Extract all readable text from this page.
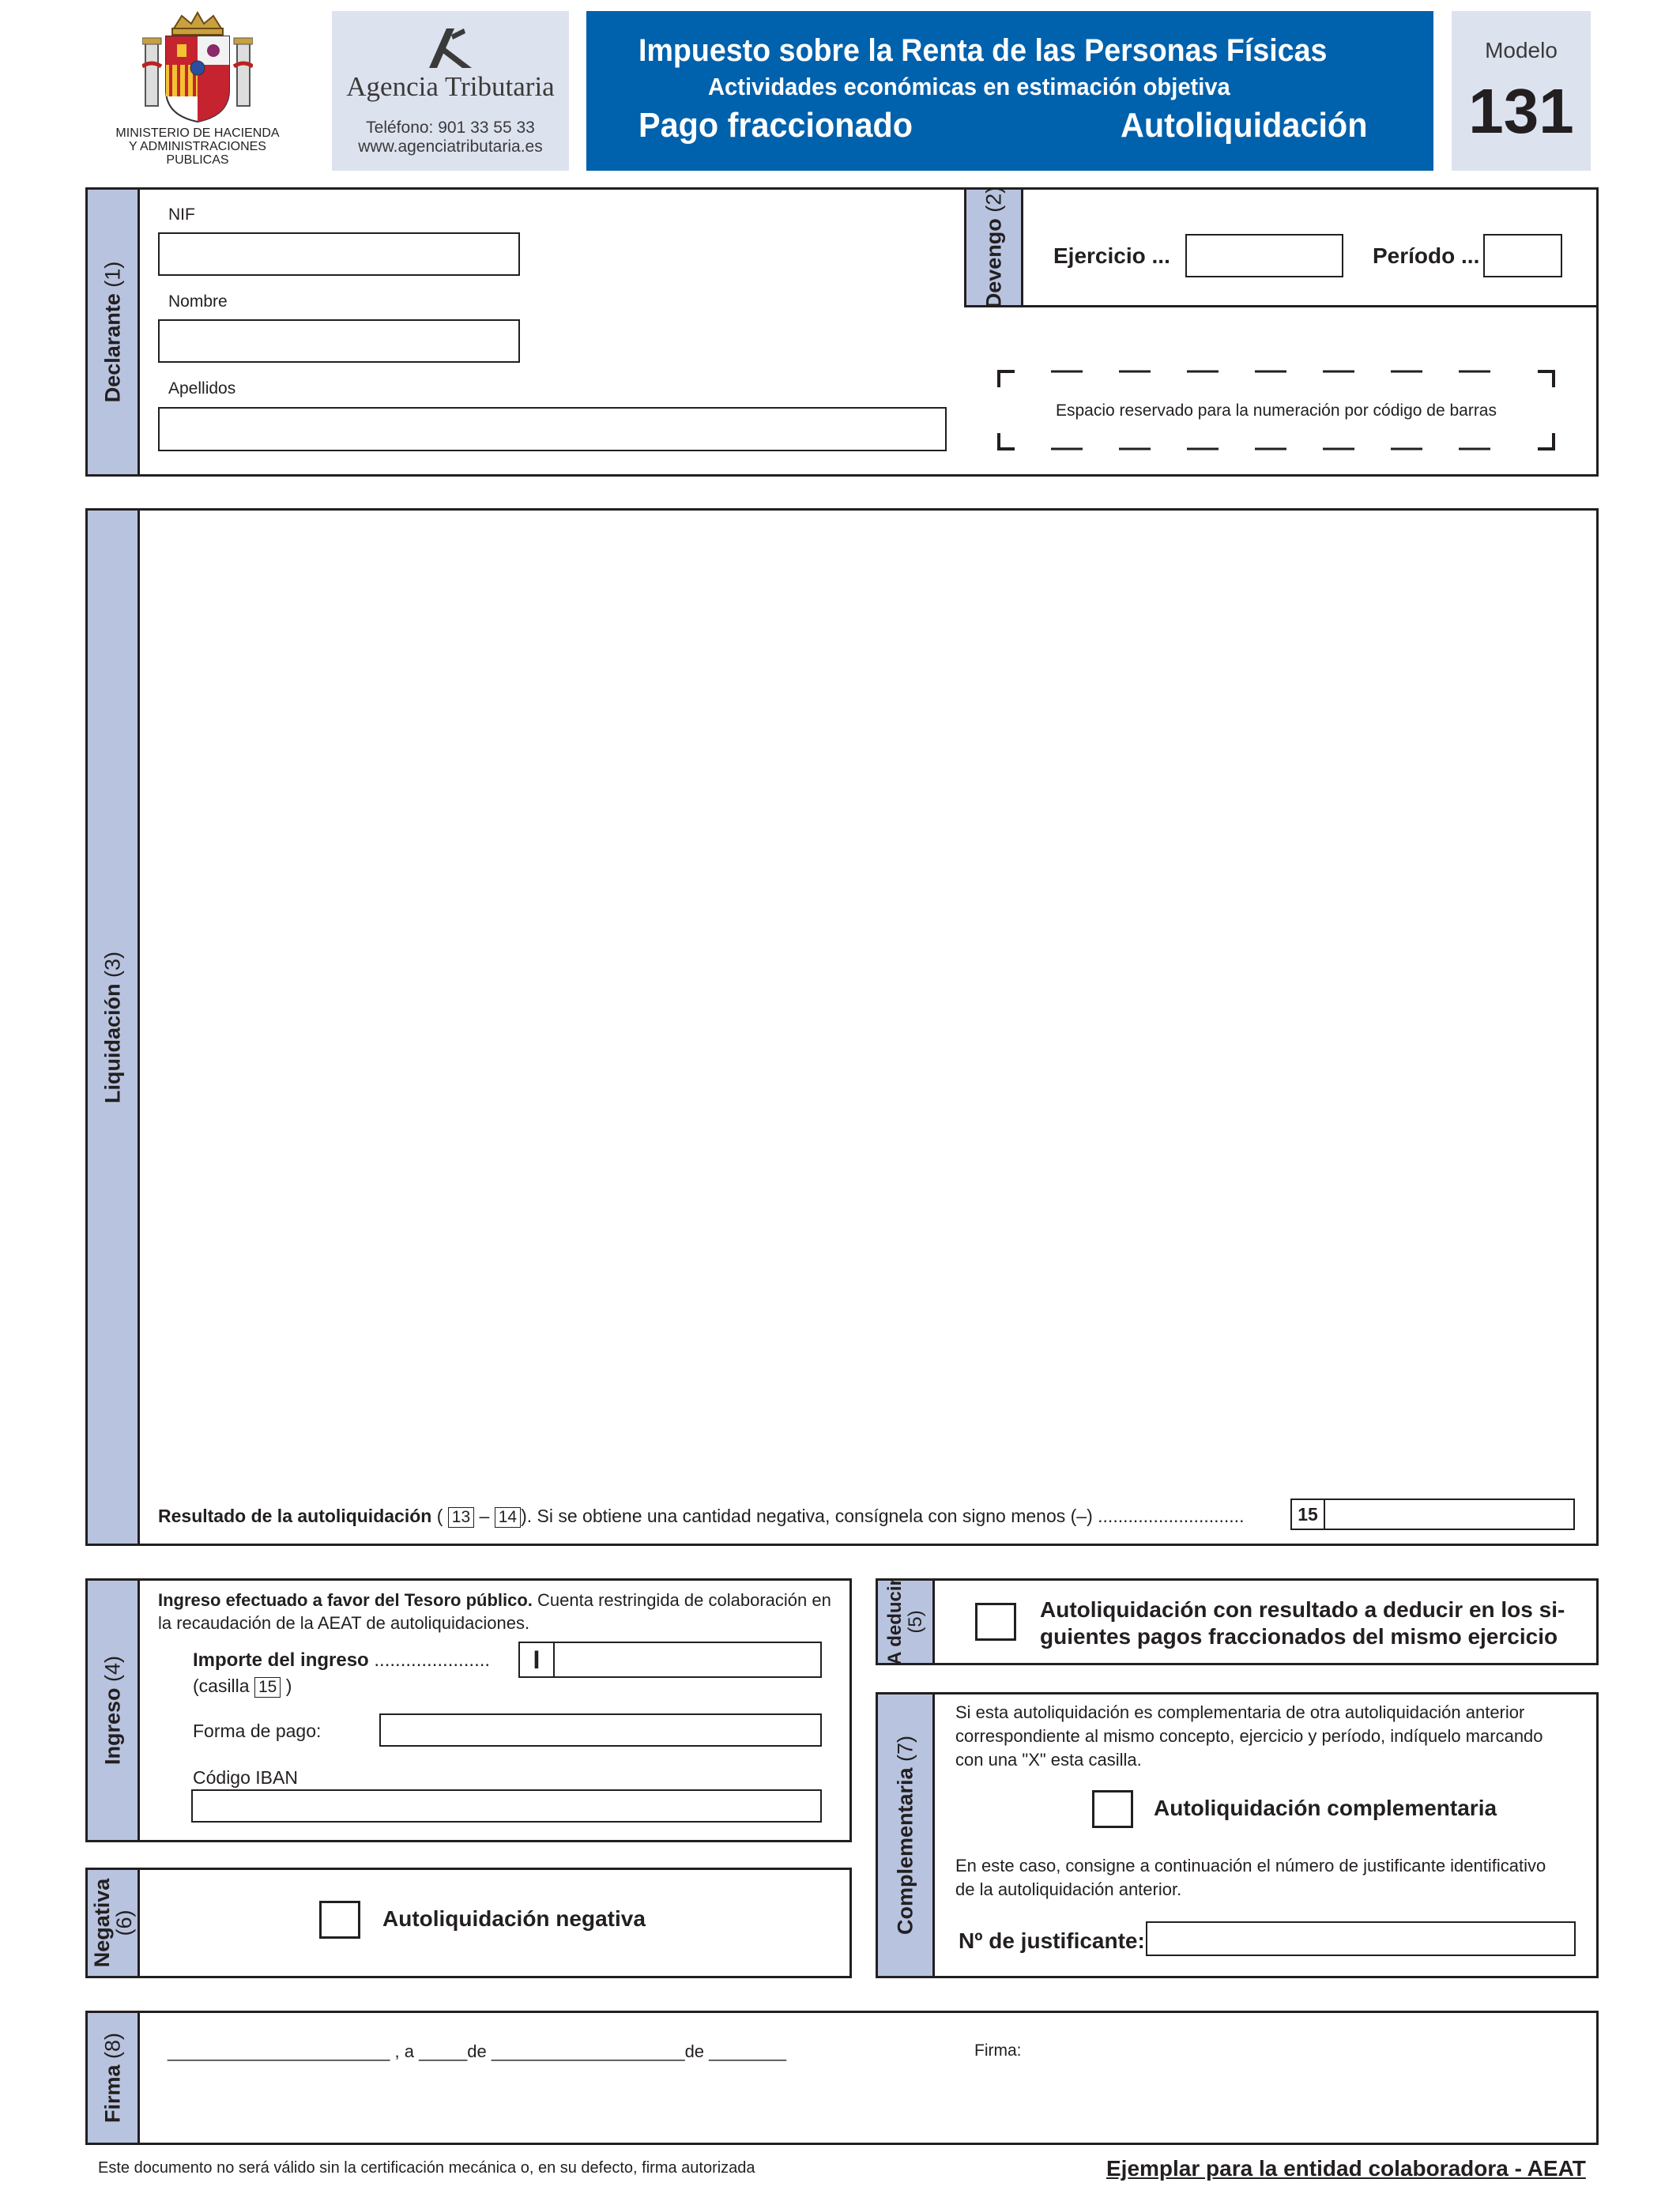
MINISTERIO DE HACIENDA
Y ADMINISTRACIONES
PUBLICAS
Agencia Tributaria
Teléfono: 901 33 55 33
www.agenciatributaria.es
Impuesto sobre la Renta de las Personas Físicas
Actividades económicas en estimación objetiva
Pago fraccionado	Autoliquidación
Modelo
131
Declarante (1)
NIF
Nombre
Apellidos
Devengo (2)
Ejercicio ...	Período ...
Espacio reservado para la numeración por código de barras
Liquidación (3)
Resultado de la autoliquidación ( 13 – 14 ). Si se obtiene una cantidad negativa, consígnela con signo menos (–) .............................	15
Ingreso (4)
Ingreso efectuado a favor del Tesoro público. Cuenta restringida de colaboración en
la recaudación de la AEAT de autoliquidaciones.
Importe del ingreso ......................
(casilla 15 )
I
Forma de pago:
Código IBAN
Negativa
(6)	Autoliquidación negativa
A deducir
(5)
Autoliquidación con resultado a deducir en los si-
guientes pagos fraccionados del mismo ejercicio
Complementaria (7)
Si esta autoliquidación es complementaria de otra autoliquidación anterior
correspondiente al mismo concepto, ejercicio y período, indíquelo marcando
con una "X" esta casilla.
Autoliquidación complementaria
En este caso, consigne a continuación el número de justificante identificativo
de la autoliquidación anterior.
Nº de justificante:
Firma (8)	_______________________ , a _____de ____________________de ________	Firma:
Este documento no será válido sin la certificación mecánica o, en su defecto, firma autorizada	Ejemplar para la entidad colaboradora - AEAT
